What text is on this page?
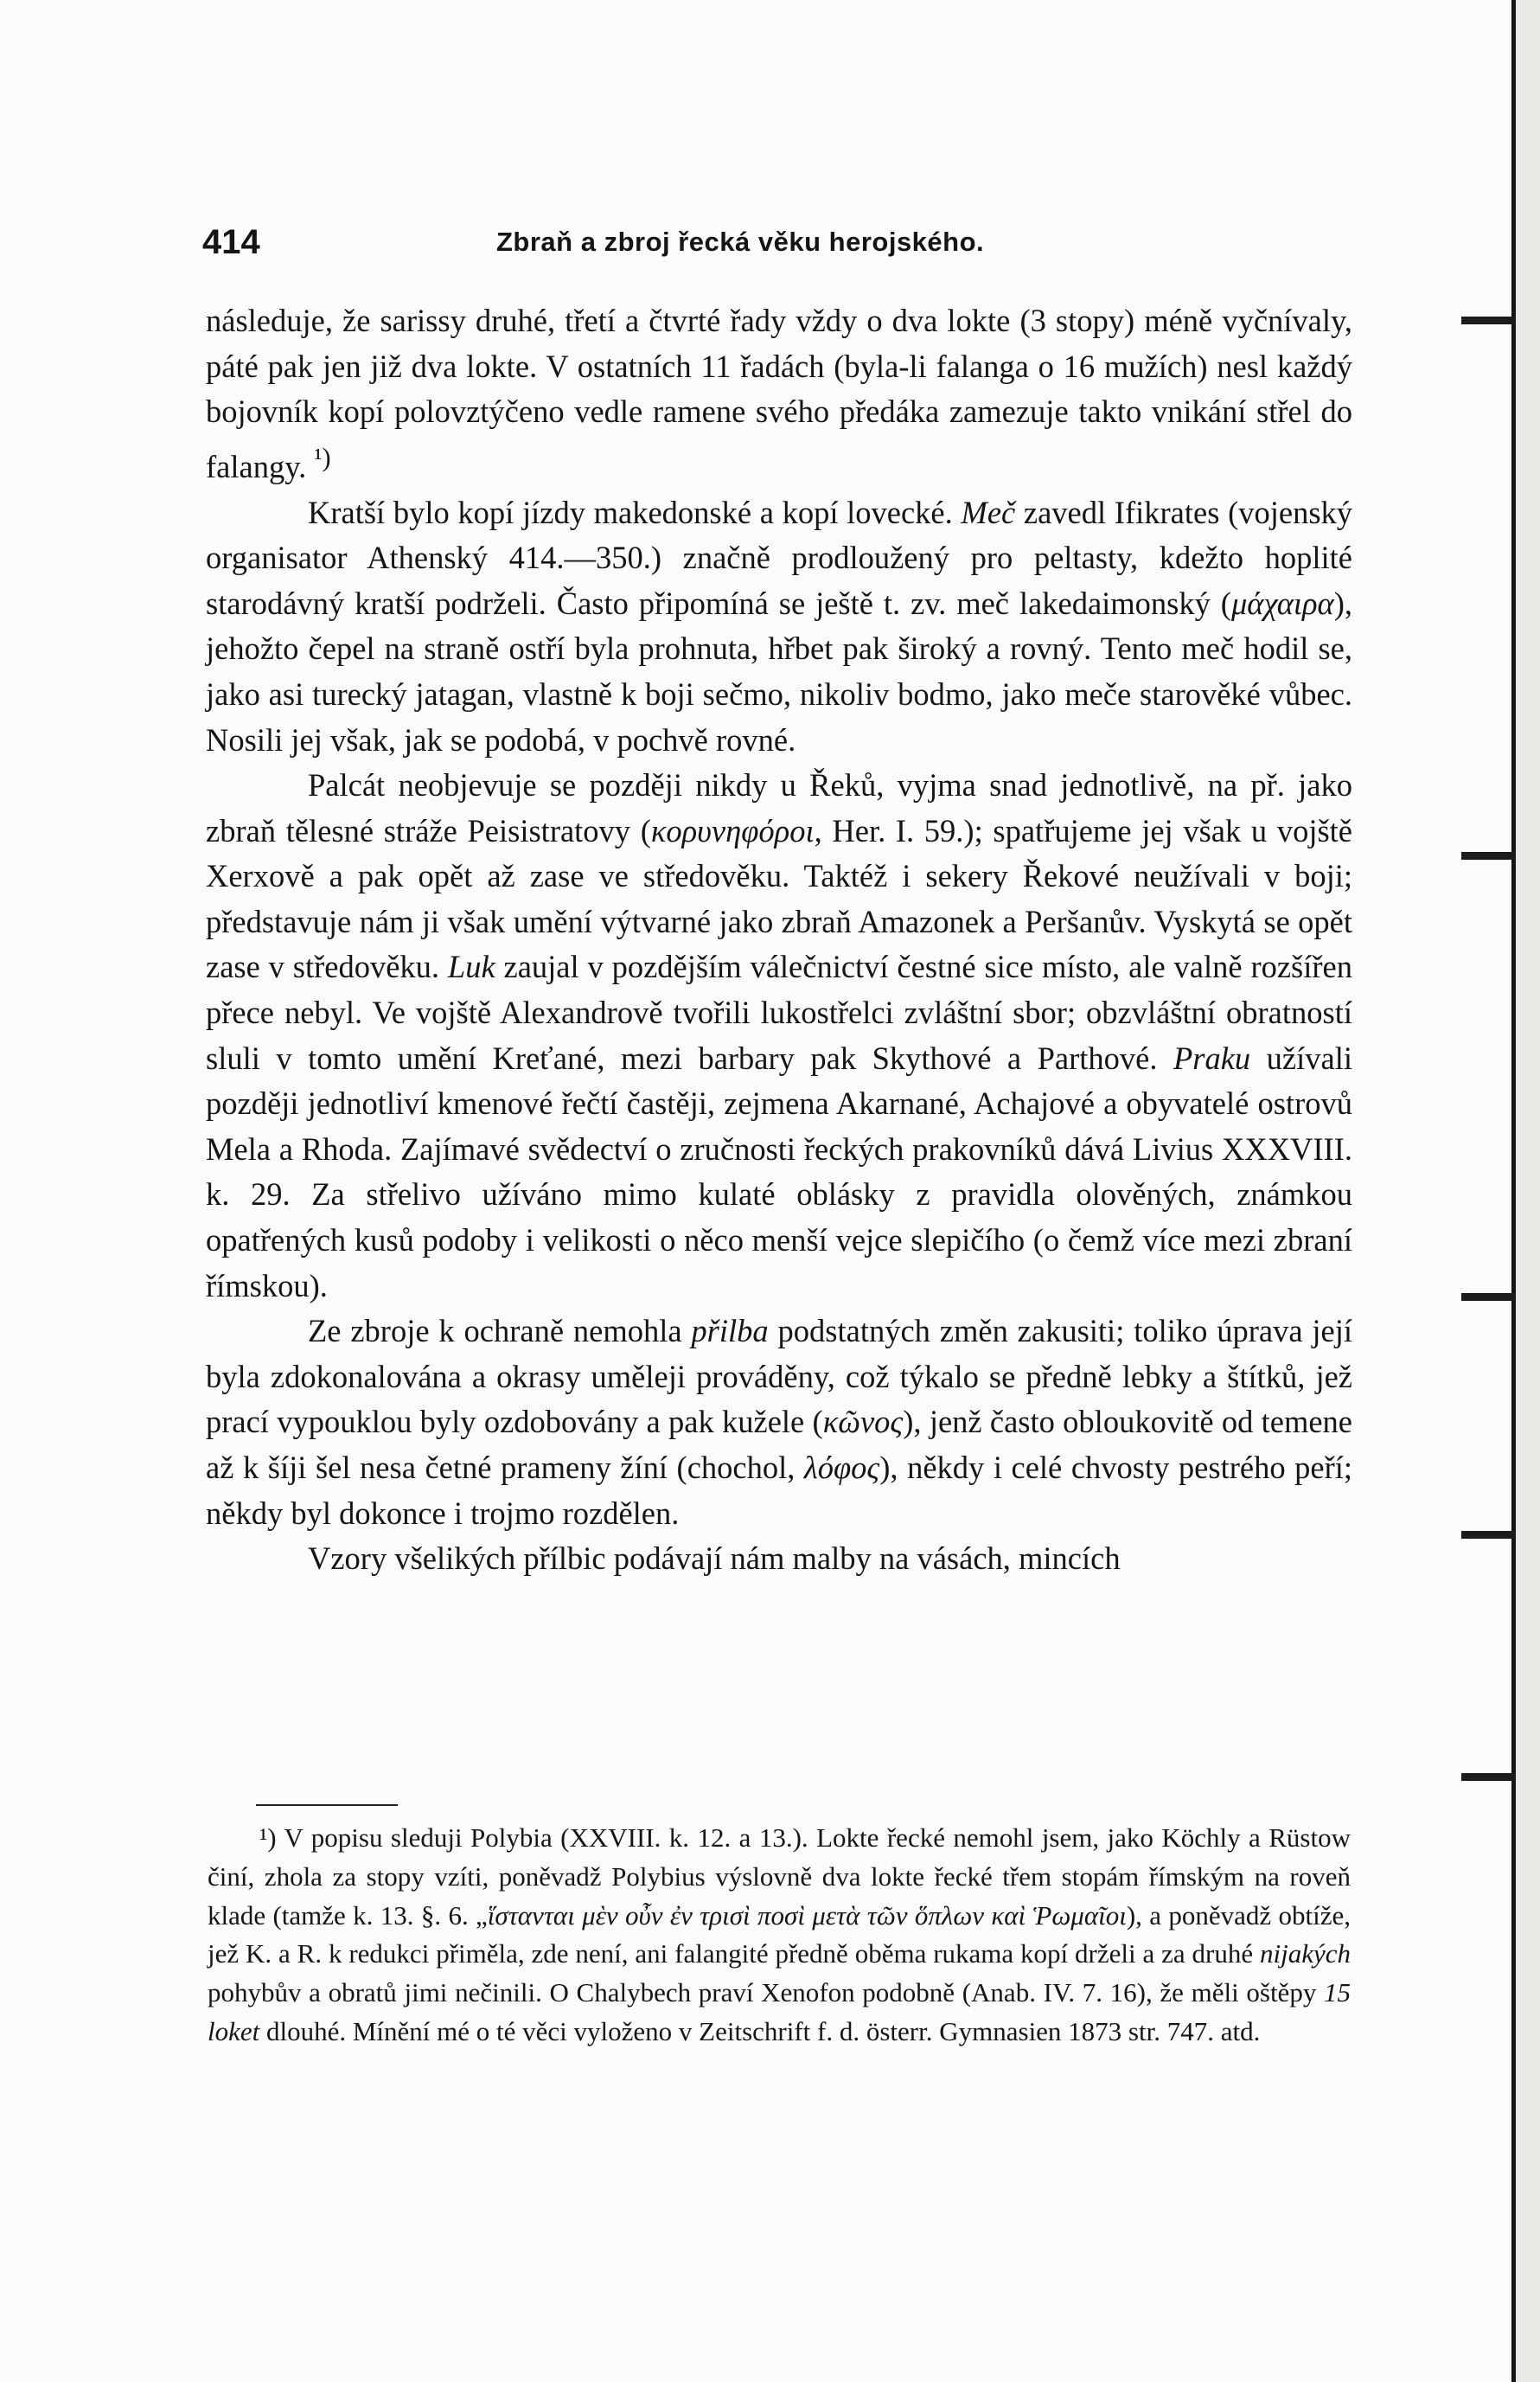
414	Zbraň a zbroj řecká věku herojského.

následuje, že sarissy druhé, třetí a čtvrté řady vždy o dva lokte (3 stopy) méně vyčnívaly, páté pak jen již dva lokte. V ostatních 11 řadách (byla-li falanga o 16 mužích) nesl každý bojovník kopí polovztýčeno vedle ramene svého předáka zamezuje takto vnikání střel do falangy. $^{^1)}$

Kratší bylo kopí jízdy makedonské a kopí lovecké. Meč zavedl Ifikrates (vojenský organisator Athenský 414.—350.) značně prodloužený pro peltasty, kdežto hoplité starodávný kratší podrželi. Často připomíná se ještě t. zv. meč lakedaimonský (μάχαιρα), jehožto čepel na straně ostří byla prohnuta, hřbet pak široký a rovný. Tento meč hodil se, jako asi turecký jatagan, vlastně k boji sečmo, nikoliv bodmo, jako meče starověké vůbec. Nosili jej však, jak se podobá, v pochvě rovné.

Palcát neobjevuje se později nikdy u Řeků, vyjma snad jednotlivě, na př. jako zbraň tělesné stráže Peisistratovy (κορυνηφόροι, Her. I. 59.); spatřujeme jej však u vojště Xerxově a pak opět až zase ve středověku. Taktéž i sekery Řekové neužívali v boji; představuje nám ji však umění výtvarné jako zbraň Amazonek a Peršanův. Vyskytá se opět zase v středověku. Luk zaujal v pozdějším válečnictví čestné sice místo, ale valně rozšířen přece nebyl. Ve vojště Alexandrově tvořili lukostřelci zvláštní sbor; obzvláštní obratností sluli v tomto umění Kreťané, mezi barbary pak Skythové a Parthové. Praku užívali později jednotliví kmenové řečtí častěji, zejmena Akarnané, Achajové a obyvatelé ostrovů Mela a Rhoda. Zajímavé svědectví o zručnosti řeckých prakovníků dává Livius XXXVIII. k. 29. Za střelivo užíváno mimo kulaté oblásky z pravidla olověných, známkou opatřených kusů podoby i velikosti o něco menší vejce slepičího (o čemž více mezi zbraní římskou).

Ze zbroje k ochraně nemohla přilba podstatných změn zakusiti; toliko úprava její byla zdokonalována a okrasy uměleji prováděny, což týkalo se předně lebky a štítků, jež prací vypouklou byly ozdobovány a pak kužele (κῶνος), jenž často obloukovitě od temene až k šíji šel nesa četné prameny žíní (chochol, λόφος), někdy i celé chvosty pestrého peří; někdy byl dokonce i trojmo rozdělen.

Vzory všelikých přílbic podávají nám malby na vásách, mincích

¹) V popisu sleduji Polybia (XXVIII. k. 12. a 13.). Lokte řecké nemohl jsem, jako Köchly a Rüstow činí, zhola za stopy vzíti, poněvadž Polybius výslovně dva lokte řecké třem stopám římským na roveň klade (tamže k. 13. §. 6. „ἵστανται μὲν οὖν ἐν τρισὶ ποσὶ μετὰ τῶν ὅπλων καὶ Ῥωμαῖοι), a poněvadž obtíže, jež K. a R. k redukci přiměla, zde není, ani falangité předně oběma rukama kopí drželi a za druhé nijakých pohybův a obratů jimi nečinili. O Chalybech praví Xenofon podobně (Anab. IV. 7. 16), že měli oštěpy 15 loket dlouhé. Mínění mé o té věci vyloženo v Zeitschrift f. d. österr. Gymnasien 1873 str. 747. atd.
